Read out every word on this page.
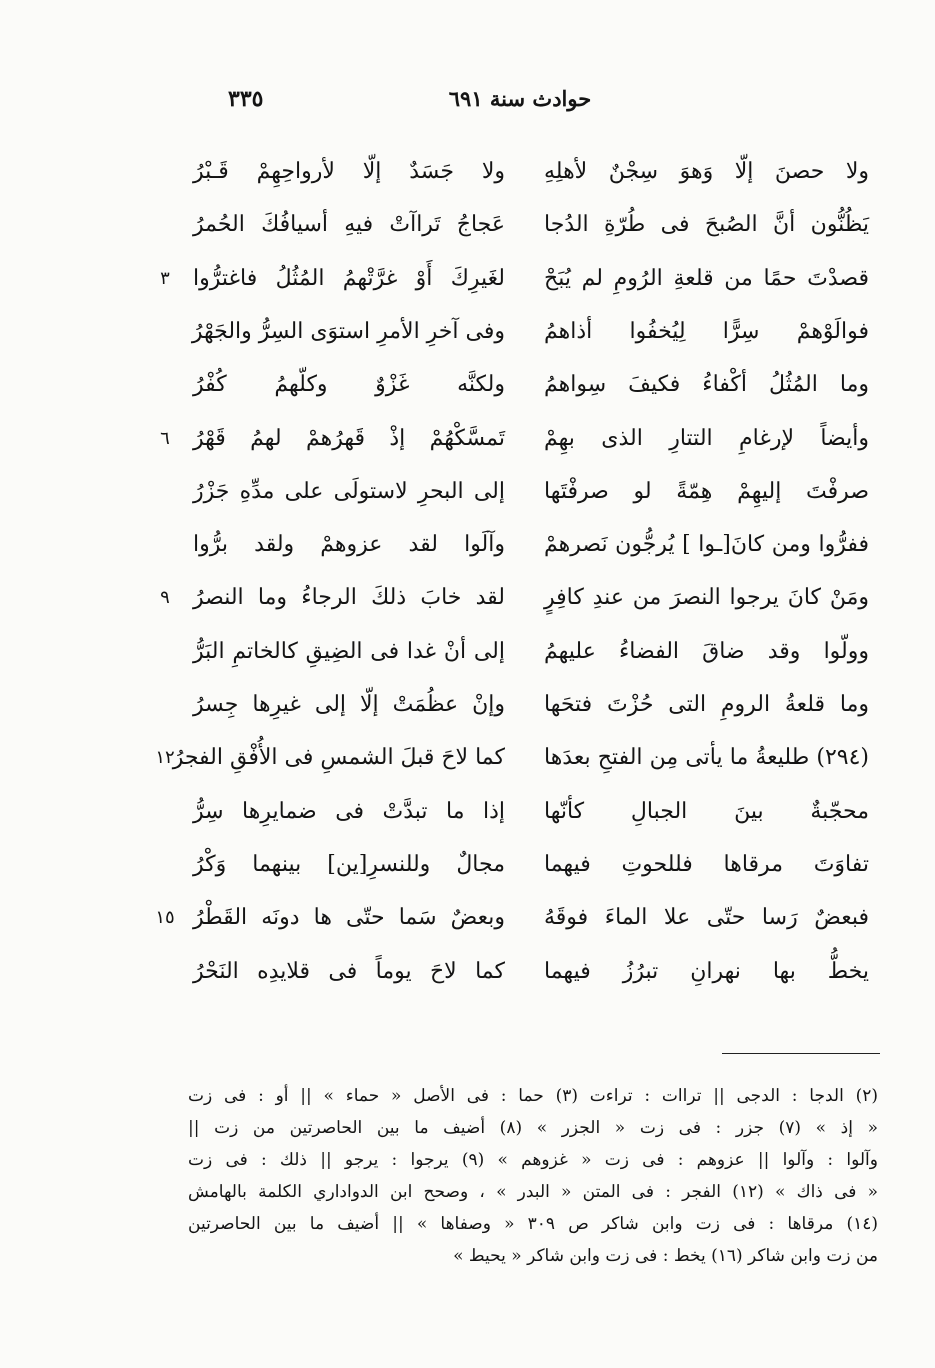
٣٣٥	حوادث سنة ٦٩١
ولا حصنَ إلّا وَهوَ سِجْنٌ لأهلِهِ
ولا جَسَدٌ إلّا لأرواحِهِمْ قَـبْرُ
يَظُنُّون أنَّ الصُبحَ فى طُرّةِ الدُجا
عَجاجُ تَراآتْ فيهِ أسيافُكَ الحُمرُ
قصدْتَ حمًا من قلعةِ الرُومِ لم يُبَحْ
لغَيرِكَ أَوْ غرَّتْهمُ المُثُلُ فاغترُّوا
٣
فوالَوْهمْ سِرًّا لِيُخفُوا أذاهمُ
وفى آخرِ الأمرِ استوَى السِرُّ والجَهْرُ
وما المُثُلُ أكْفاءُ فكيفَ سِواهمُ
ولكنَّه غَزْوٌ وكلّهمُ كُفْرُ
وأيضاً لإرغامِ التتارِ الذى بهِمْ
تَمسَّكْهُمْ إذْ قَهرُهمْ لهمُ قَهْرُ
٦
صرفْتَ إليهِمْ هِمّةً لو صرفْتَها
إلى البحرِ لاستولَى على مدِّهِ جَزْرُ
ففرُّوا ومن كانَ[ـوا ] يُرجُّون نَصرهمْ
وآلَوا لقد عزوهمْ ولقد برُّوا
ومَنْ كانَ يرجوا النصرَ من عندِ كافِرٍ
لقد خابَ ذلكَ الرجاءُ وما النصرُ
٩
وولّوا وقد ضاقَ الفضاءُ عليهمُ
إلى أنْ غدا فى الضِيقِ كالخاتمِ البَرُّ
وما قلعةُ الرومِ التى حُزْتَ فتحَها
وإنْ عظُمَتْ إلّا إلى غيرِها جِسرُ
(٢٩٤) طليعةُ ما يأتى مِن الفتحِ بعدَها
كما لاحَ قبلَ الشمسِ فى الأُفْقِ الفجرُ
١٢
محجّبةٌ بينَ الجبالِ كأنّها
إذا ما تبدَّتْ فى ضمايرِها سِرُّ
تفاوَتَ مرقاها فللحوتِ فيهما
مجالٌ وللنسرِ[ين] بينهما وَكْرُ
فبعضٌ رَسا حتّى علا الماءَ فوقَهُ
وبعضٌ سَما حتّى ها دونَه القَطْرُ
١٥
يخطُّ بها نهرانِ تبرُزُ فيهما
كما لاحَ يوماً فى قلايدِه النَحْرُ
(٢) الدجا : الدجى || تراات : تراءت (٣) حما : فى الأصل « حماء » || أو : فى زت
« إذ » (٧) جزر : فى زت « الجزر » (٨) أضيف ما بين الحاصرتين من زت ||
وآلوا : وآلوا || عزوهم : فى زت « غزوهم » (٩) يرجوا : يرجو || ذلك : فى زت
« فى ذاك » (١٢) الفجر : فى المتن « البدر » ، وصحح ابن الدواداري الكلمة بالهامش
(١٤) مرقاها : فى زت وابن شاكر ص ٣٠٩ « وصفاها » || أضيف ما بين الحاصرتين
من زت وابن شاكر (١٦) يخط : فى زت وابن شاكر « يحيط »
